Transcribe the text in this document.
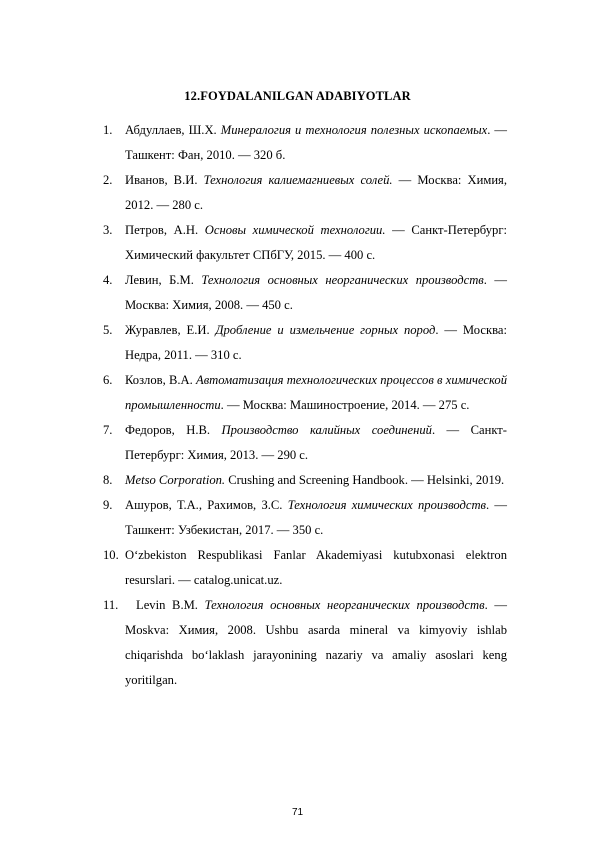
12.FOYDALANILGAN ADABIYOTLAR
1. Абдуллаев, Ш.Х. Минералогия и технология полезных ископаемых. —
Ташкент: Фан, 2010. — 320 б.
2. Иванов, В.И. Технология калиемагниевых солей. — Москва: Химия,
2012. — 280 с.
3. Петров, А.Н. Основы химической технологии. — Санкт-Петербург:
Химический факультет СПбГУ, 2015. — 400 с.
4. Левин, Б.М. Технология основных неорганических производств. —
Москва: Химия, 2008. — 450 с.
5. Журавлев, Е.И. Дробление и измельчение горных пород. — Москва:
Недра, 2011. — 310 с.
6. Козлов, В.А. Автоматизация технологических процессов в химической
промышленности. — Москва: Машиностроение, 2014. — 275 с.
7. Федоров, Н.В. Производство калийных соединений. — Санкт-
Петербург: Химия, 2013. — 290 с.
8. Metso Corporation. Crushing and Screening Handbook. — Helsinki, 2019.
9. Ашуров, Т.А., Рахимов, З.С. Технология химических производств. —
Ташкент: Узбекистан, 2017. — 350 с.
10. O‘zbekiston Respublikasi Fanlar Akademiyasi kutubxonasi elektron
resurslari. — catalog.unicat.uz.
11.	Levin B.M. Технология основных неорганических производств. —
Moskva: Химия, 2008. Ushbu asarda mineral va kimyoviy ishlab
chiqarishda bo‘laklash jarayonining nazariy va amaliy asoslari keng
yoritilgan.
71
